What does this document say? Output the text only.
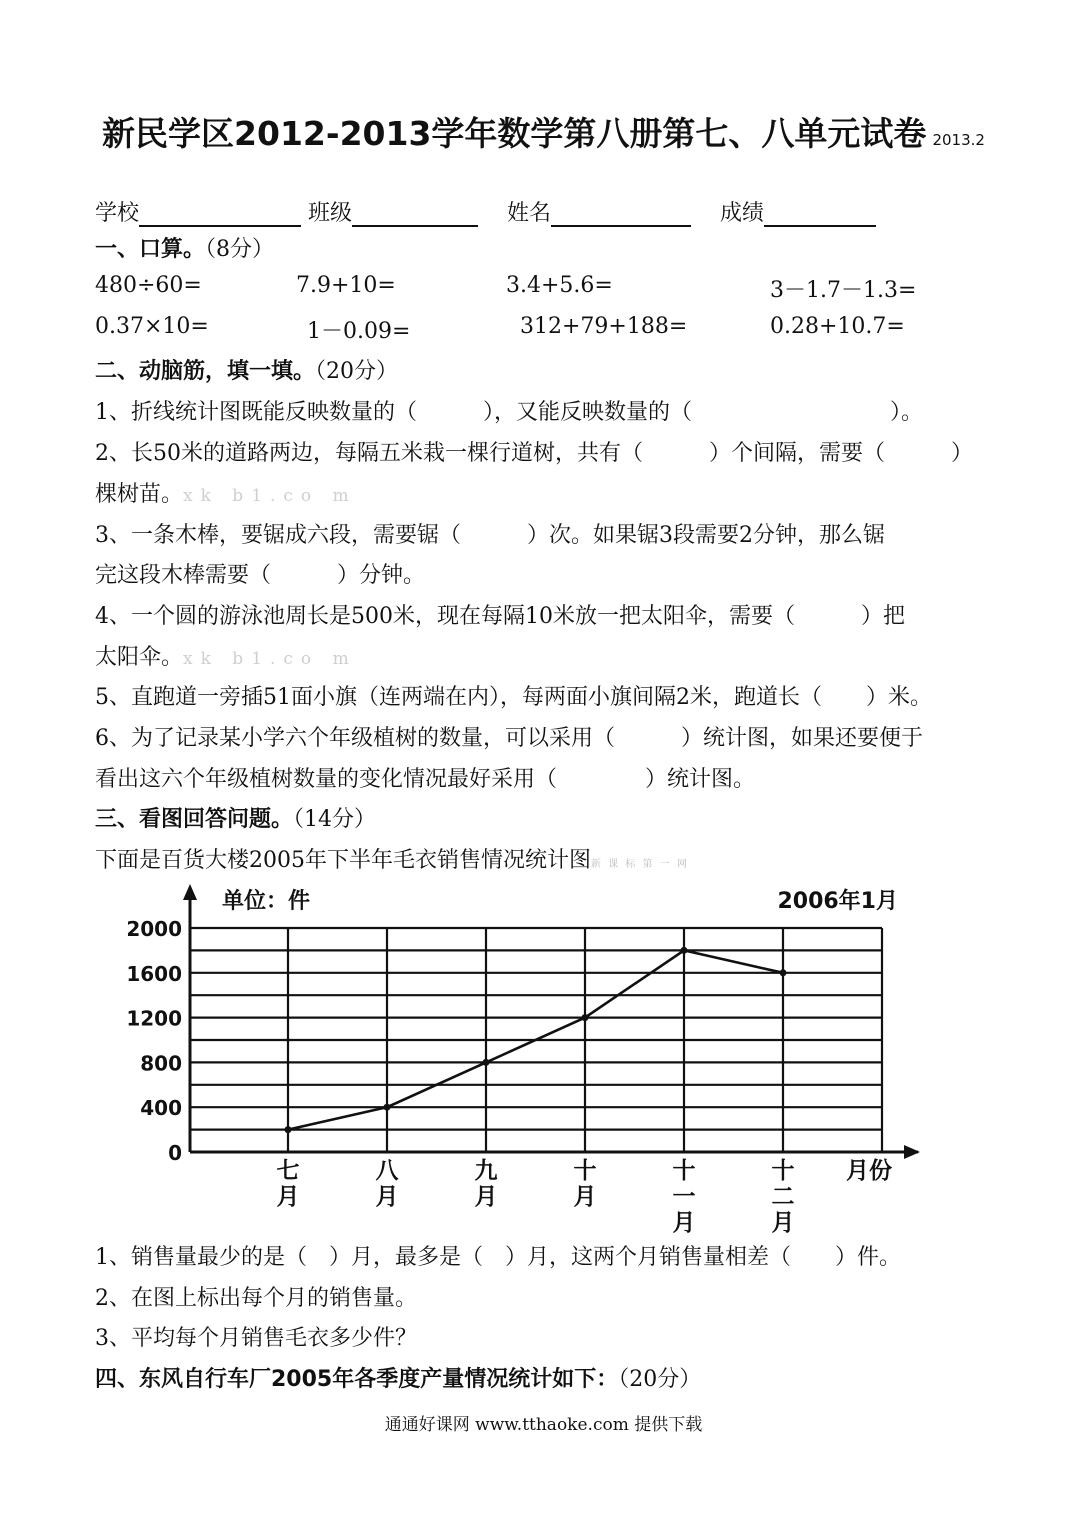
新民学区2012-2013学年数学第八册第七、八单元试卷 2013.2
学校	班级	姓名	成绩
一、口算。（8分）
480÷60=	7.9+10=	3.4+5.6=	3－1.7－1.3=
0.37×10=	1－0.09=	312+79+188=	0.28+10.7=
二、动脑筋，填一填。（20分）
1、折线统计图既能反映数量的（　　　），又能反映数量的（　　　　　　　　　）。
2、长50米的道路两边，每隔五米栽一棵行道树，共有（　　　）个间隔，需要（　　　）
棵树苗。xk b1.co m
3、一条木棒，要锯成六段，需要锯（　　　）次。如果锯3段需要2分钟，那么锯
完这段木棒需要（　　　）分钟。
4、一个圆的游泳池周长是500米，现在每隔10米放一把太阳伞，需要（　　　）把
太阳伞。xk b1.co m
5、直跑道一旁插51面小旗（连两端在内），每两面小旗间隔2米，跑道长（　　）米。
6、为了记录某小学六个年级植树的数量，可以采用（　　　）统计图，如果还要便于
看出这六个年级植树数量的变化情况最好采用（　　　　）统计图。
三、看图回答问题。（14分）
下面是百货大楼2005年下半年毛衣销售情况统计图新 课 标 第 一 网
0
400
800
1200
1600
2000
单位：件	2006年1月
七
月
八
月
九
月
十
月
十
一
月
十
二
月
月份
1、销售量最少的是（　）月，最多是（　）月，这两个月销售量相差（　　）件。
2、在图上标出每个月的销售量。
3、平均每个月销售毛衣多少件？
四、东风自行车厂2005年各季度产量情况统计如下：（20分）
通通好课网 www.tthaoke.com 提供下载
